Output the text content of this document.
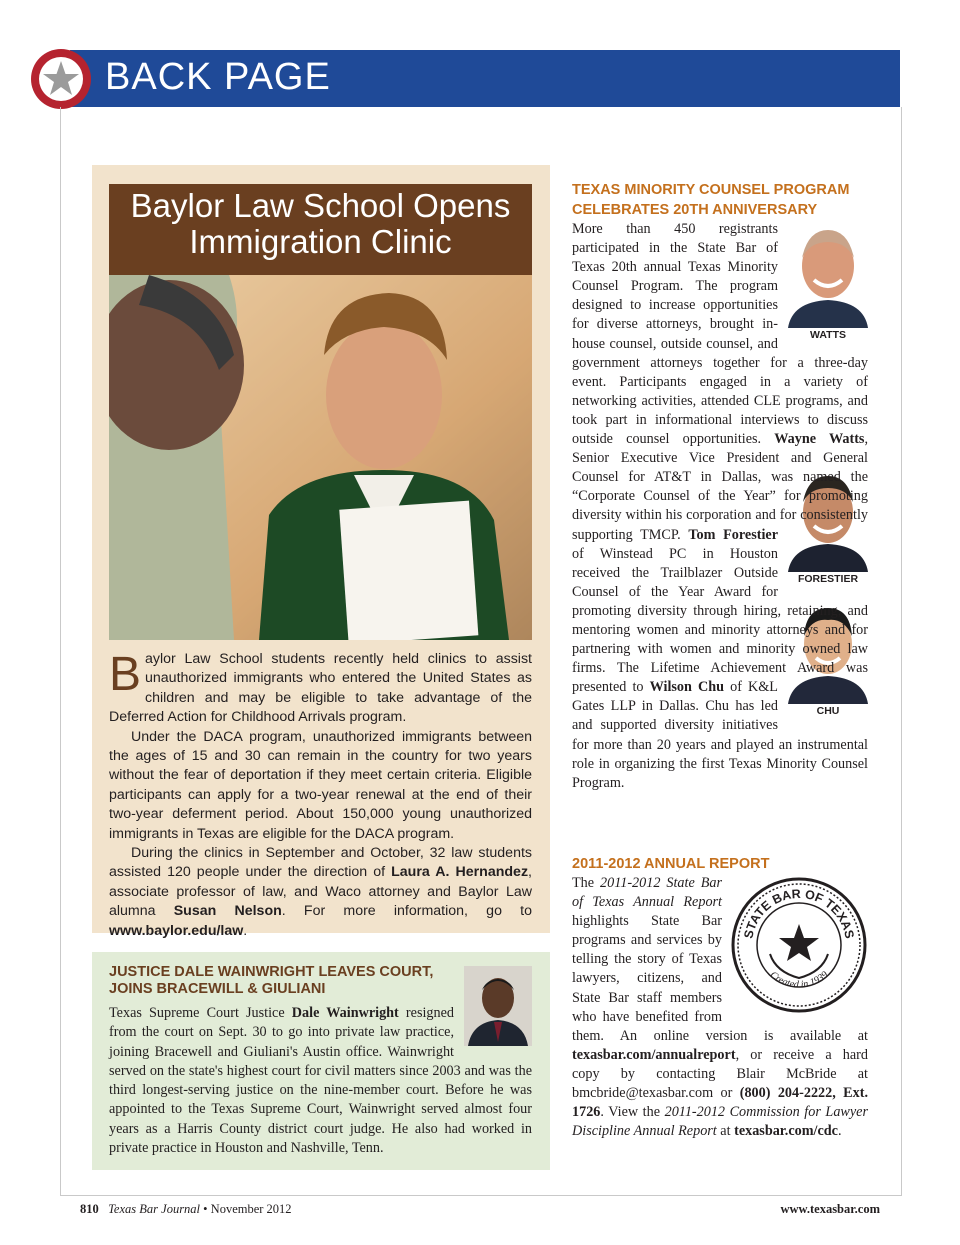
BACK PAGE
Baylor Law School Opens
Immigration Clinic

Baylor Law School students recently held clinics to assist unauthorized immigrants who entered the United States as children and may be eligible to take advantage of the Deferred Action for Childhood Arrivals program.

Under the DACA program, unauthorized immigrants between the ages of 15 and 30 can remain in the country for two years without the fear of deportation if they meet certain criteria. Eligible participants can apply for a two-year renewal at the end of their two-year deferment period. About 150,000 young unauthorized immigrants in Texas are eligible for the DACA program.

During the clinics in September and October, 32 law students assisted 120 people under the direction of Laura A. Hernandez, associate professor of law, and Waco attorney and Baylor Law alumna Susan Nelson. For more information, go to www.baylor.edu/law.

JUSTICE DALE WAINWRIGHT LEAVES COURT,
JOINS BRACEWILL & GIULIANI
Texas Supreme Court Justice Dale Wainwright resigned from the court on Sept. 30 to go into private law practice, joining Bracewell and Giuliani's Austin office. Wainwright served on the state's highest court for civil matters since 2003 and was the third longest-serving justice on the nine-member court. Before he was appointed to the Texas Supreme Court, Wainwright served almost four years as a Harris County district court judge. He also had worked in private practice in Houston and Nashville, Tenn.
TEXAS MINORITY COUNSEL PROGRAM
CELEBRATES 20TH ANNIVERSARY
WATTS

More than 450 registrants participated in the State Bar of Texas 20th annual Texas Minority Counsel Program. The program designed to increase opportunities for diverse attorneys, brought in-house counsel, outside counsel, and government attorneys together for a three-day event. Participants engaged in a variety of networking activities, attended CLE programs, and took part in informational interviews to discuss outside counsel opportunities. Wayne Watts, Senior Executive Vice President and General Counsel for AT&T in Dallas, was named the “Corporate Counsel of the Year” for promoting diversity within his corporation and for consistently supporting TMCP.
FORESTIER
Tom Forestier of Winstead PC in Houston received the Trailblazer Outside Counsel of the Year Award for promoting diversity through hiring, retaining, and mentoring women and minority attorneys and for partnering with women and minority owned law firms. The Lifetime Achievement Award was presented to
CHU
Wilson Chu of K&L Gates LLP in Dallas. Chu has led and supported diversity initiatives for more than 20 years and played an instrumental role in organizing the first Texas Minority Counsel Program.

2011-2012 ANNUAL REPORT
STATE BAR OF TEXAS
Created in 1939

The 2011-2012 State Bar of Texas Annual Report highlights State Bar programs and services by telling the story of Texas lawyers, citizens, and State Bar staff members who have benefited from them. An online version is available at texasbar.com/annualreport, or receive a hard copy by contacting Blair McBride at bmcbride@texasbar.com or (800) 204-2222, Ext. 1726. View the 2011-2012 Commission for Lawyer Discipline Annual Report at texasbar.com/cdc.

810 Texas Bar Journal • November 2012	www.texasbar.com
